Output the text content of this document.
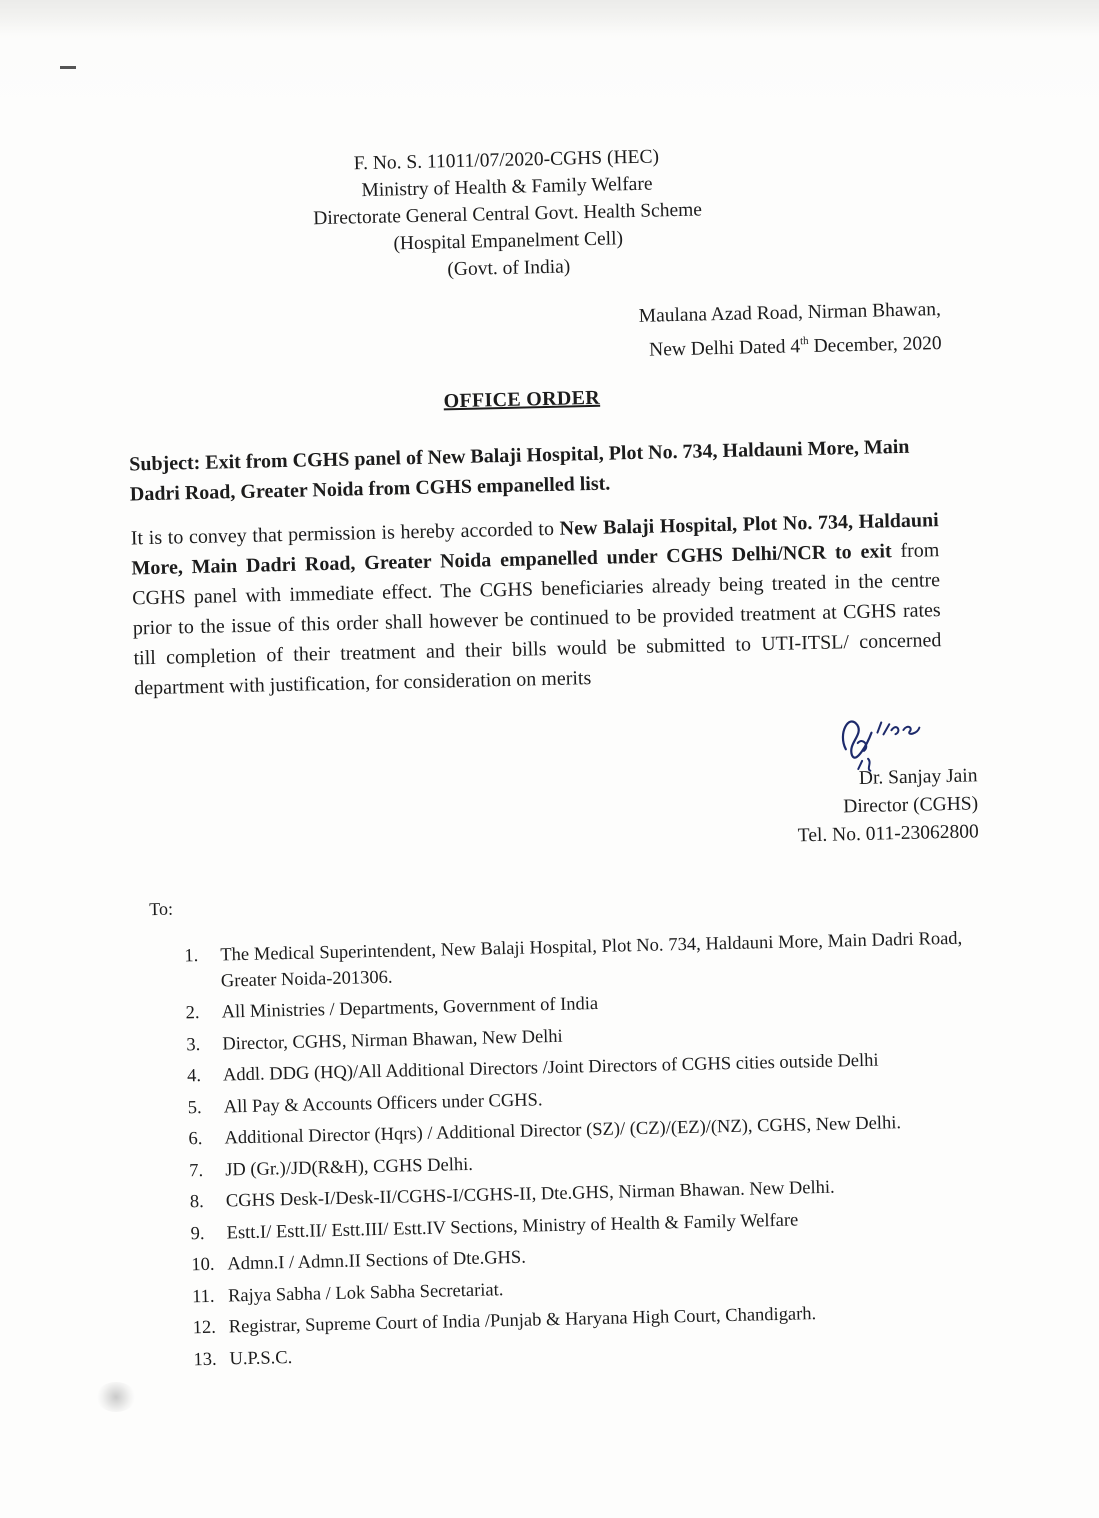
F. No. S. 11011/07/2020-CGHS (HEC)
Ministry of Health & Family Welfare
Directorate General Central Govt. Health Scheme
(Hospital Empanelment Cell)
(Govt. of India)
Maulana Azad Road, Nirman Bhawan,
New Delhi Dated 4th December, 2020
OFFICE ORDER
Subject: Exit from CGHS panel of New Balaji Hospital, Plot No. 734, Haldauni More, Main Dadri Road, Greater Noida from CGHS empanelled list.
It is to convey that permission is hereby accorded to New Balaji Hospital, Plot No. 734, Haldauni More, Main Dadri Road, Greater Noida empanelled under CGHS Delhi/NCR to exit from CGHS panel with immediate effect. The CGHS beneficiaries already being treated in the centre prior to the issue of this order shall however be continued to be provided treatment at CGHS rates till completion of their treatment and their bills would be submitted to UTI-ITSL/ concerned department with justification, for consideration on merits
Dr. Sanjay Jain
Director (CGHS)
Tel. No. 011-23062800
To:
1.	The Medical Superintendent, New Balaji Hospital, Plot No. 734, Haldauni More, Main Dadri Road, Greater Noida-201306.
2.	All Ministries / Departments, Government of India
3.	Director, CGHS, Nirman Bhawan, New Delhi
4.	Addl. DDG (HQ)/All Additional Directors /Joint Directors of CGHS cities outside Delhi
5.	All Pay & Accounts Officers under CGHS.
6.	Additional Director (Hqrs) / Additional Director (SZ)/ (CZ)/(EZ)/(NZ), CGHS, New Delhi.
7.	JD (Gr.)/JD(R&H), CGHS Delhi.
8.	CGHS Desk-I/Desk-II/CGHS-I/CGHS-II, Dte.GHS, Nirman Bhawan. New Delhi.
9.	Estt.I/ Estt.II/ Estt.III/ Estt.IV Sections, Ministry of Health & Family Welfare
10. Admn.I / Admn.II Sections of Dte.GHS.
11. Rajya Sabha / Lok Sabha Secretariat.
12. Registrar, Supreme Court of India /Punjab & Haryana High Court, Chandigarh.
13. U.P.S.C.
